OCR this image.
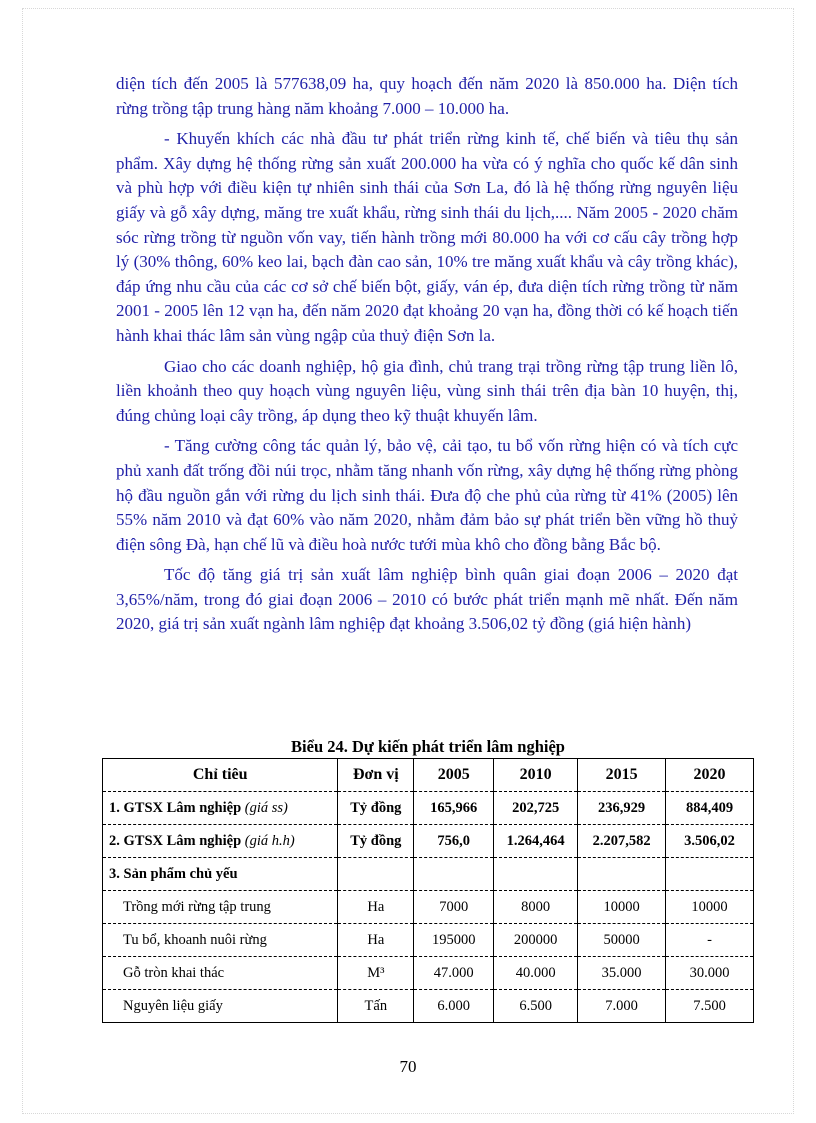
diện tích đến 2005 là 577638,09 ha, quy hoạch đến năm 2020 là 850.000 ha. Diện tích rừng trồng tập trung hàng năm khoảng 7.000 – 10.000 ha.

- Khuyến khích các nhà đầu tư phát triển rừng kinh tế, chế biến và tiêu thụ sản phẩm. Xây dựng hệ thống rừng sản xuất 200.000 ha vừa có ý nghĩa cho quốc kế dân sinh và phù hợp với điều kiện tự nhiên sinh thái của Sơn La, đó là hệ thống rừng nguyên liệu giấy và gỗ xây dựng, măng tre xuất khẩu, rừng sinh thái du lịch,.... Năm 2005 - 2020 chăm sóc rừng trồng từ nguồn vốn vay, tiến hành trồng mới 80.000 ha với cơ cấu cây trồng hợp lý (30% thông, 60% keo lai, bạch đàn cao sản, 10% tre măng xuất khẩu và cây trồng khác), đáp ứng nhu cầu của các cơ sở chế biến bột, giấy, ván ép, đưa diện tích rừng trồng từ năm 2001 - 2005 lên 12 vạn ha, đến năm 2020 đạt khoảng 20 vạn ha, đồng thời có kế hoạch tiến hành khai thác lâm sản vùng ngập của thuỷ điện Sơn la.

Giao cho các doanh nghiệp, hộ gia đình, chủ trang trại trồng rừng tập trung liền lô, liền khoảnh theo quy hoạch vùng nguyên liệu, vùng sinh thái trên địa bàn 10 huyện, thị, đúng chủng loại cây trồng, áp dụng theo kỹ thuật khuyến lâm.

- Tăng cường công tác quản lý, bảo vệ, cải tạo, tu bổ vốn rừng hiện có và tích cực phủ xanh đất trống đồi núi trọc, nhằm tăng nhanh vốn rừng, xây dựng hệ thống rừng phòng hộ đầu nguồn gắn với rừng du lịch sinh thái. Đưa độ che phủ của rừng từ 41% (2005) lên 55% năm 2010 và đạt 60% vào năm 2020, nhằm đảm bảo sự phát triển bền vững hồ thuỷ điện sông Đà, hạn chế lũ và điều hoà nước tưới mùa khô cho đồng bằng Bắc bộ.

Tốc độ tăng giá trị sản xuất lâm nghiệp bình quân giai đoạn 2006 – 2020 đạt 3,65%/năm, trong đó giai đoạn 2006 – 2010 có bước phát triển mạnh mẽ nhất. Đến năm 2020, giá trị sản xuất ngành lâm nghiệp đạt khoảng 3.506,02 tỷ đồng (giá hiện hành)

Biểu 24. Dự kiến phát triển lâm nghiệp
Chỉ tiêu	Đơn vị	2005	2010	2015	2020
1. GTSX Lâm nghiệp (giá ss)	Tỷ đồng	165,966	202,725	236,929	884,409
2. GTSX Lâm nghiệp (giá h.h)	Tỷ đồng	756,0	1.264,464	2.207,582	3.506,02
3. Sản phẩm chủ yếu					
Trồng mới rừng tập trung	Ha	7000	8000	10000	10000
Tu bổ, khoanh nuôi rừng	Ha	195000	200000	50000	-
Gỗ tròn khai thác	M³	47.000	40.000	35.000	30.000
Nguyên liệu giấy	Tấn	6.000	6.500	7.000	7.500
70
